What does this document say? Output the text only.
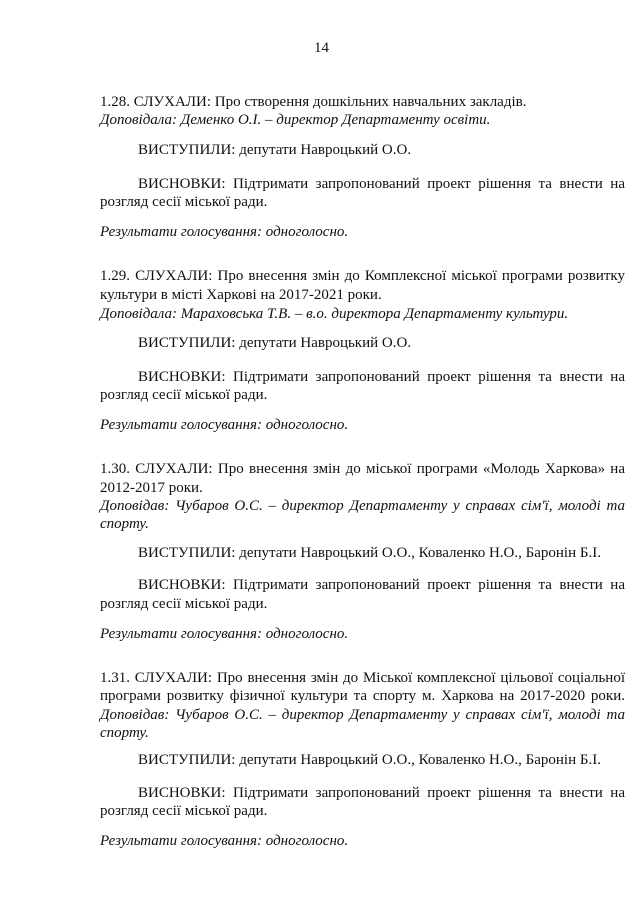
14
1.28. СЛУХАЛИ: Про створення дошкільних навчальних закладів.
Доповідала: Деменко О.І. – директор Департаменту освіти.
ВИСТУПИЛИ: депутати Навроцький О.О.
ВИСНОВКИ: Підтримати запропонований проект рішення та внести на
розгляд сесії міської ради.
Результати голосування: одноголосно.
1.29. СЛУХАЛИ: Про внесення змін до Комплексної міської програми розвитку
культури в місті Харкові на 2017-2021 роки.
Доповідала: Мараховська Т.В. – в.о. директора Департаменту культури.
ВИСТУПИЛИ: депутати Навроцький О.О.
ВИСНОВКИ: Підтримати запропонований проект рішення та внести на
розгляд сесії міської ради.
Результати голосування: одноголосно.
1.30. СЛУХАЛИ: Про внесення змін до міської програми «Молодь Харкова» на
2012-2017 роки.
Доповідав: Чубаров О.С. – директор Департаменту у справах сім'ї, молоді та
спорту.
ВИСТУПИЛИ: депутати Навроцький О.О., Коваленко Н.О., Баронін Б.І.
ВИСНОВКИ: Підтримати запропонований проект рішення та внести на
розгляд сесії міської ради.
Результати голосування: одноголосно.
1.31. СЛУХАЛИ: Про внесення змін до Міської комплексної цільової соціальної
програми розвитку фізичної культури та спорту м. Харкова на 2017-2020 роки.
Доповідав: Чубаров О.С. – директор Департаменту у справах сім'ї, молоді та
спорту.
ВИСТУПИЛИ: депутати Навроцький О.О., Коваленко Н.О., Баронін Б.І.
ВИСНОВКИ: Підтримати запропонований проект рішення та внести на
розгляд сесії міської ради.
Результати голосування: одноголосно.
